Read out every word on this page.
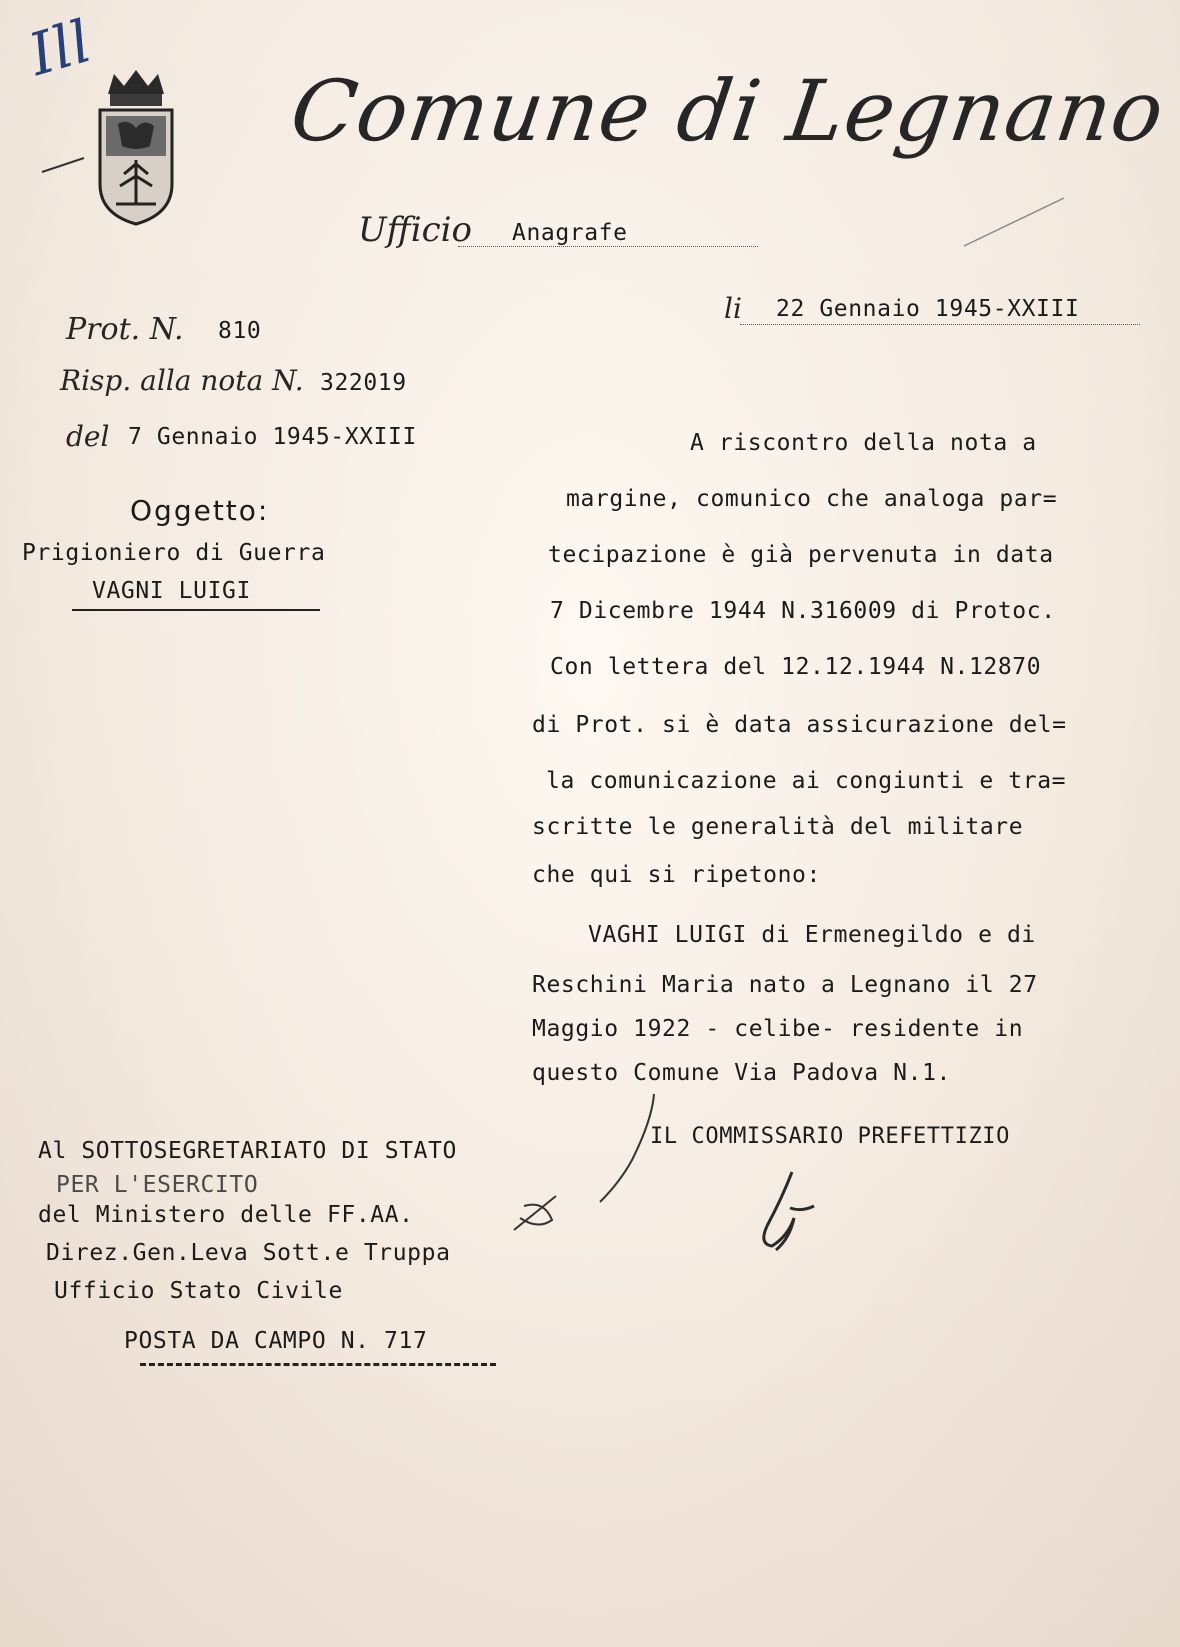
Ill
Comune di Legnano
Ufficio Anagrafe
li 22 Gennaio 1945-XXIII
Prot. N. 810
Risp. alla nota N. 322019
del 7 Gennaio 1945-XXIII
Oggetto:
Prigioniero di Guerra
VAGNI LUIGI
A riscontro della nota a
margine, comunico che analoga par=
tecipazione è già pervenuta in data
7 Dicembre 1944 N.316009 di Protoc.
Con lettera del 12.12.1944 N.12870
di Prot. si è data assicurazione del=
la comunicazione ai congiunti e tra=
scritte le generalità del militare
che qui si ripetono:
VAGHI LUIGI di Ermenegildo e di
Reschini Maria nato a Legnano il 27
Maggio 1922 - celibe- residente in
questo Comune Via Padova N.1.
IL COMMISSARIO PREFETTIZIO
Al SOTTOSEGRETARIATO DI STATO
PER L'ESERCITO
del Ministero delle FF.AA.
Direz.Gen.Leva Sott.e Truppa
Ufficio Stato Civile
POSTA DA CAMPO N. 717
